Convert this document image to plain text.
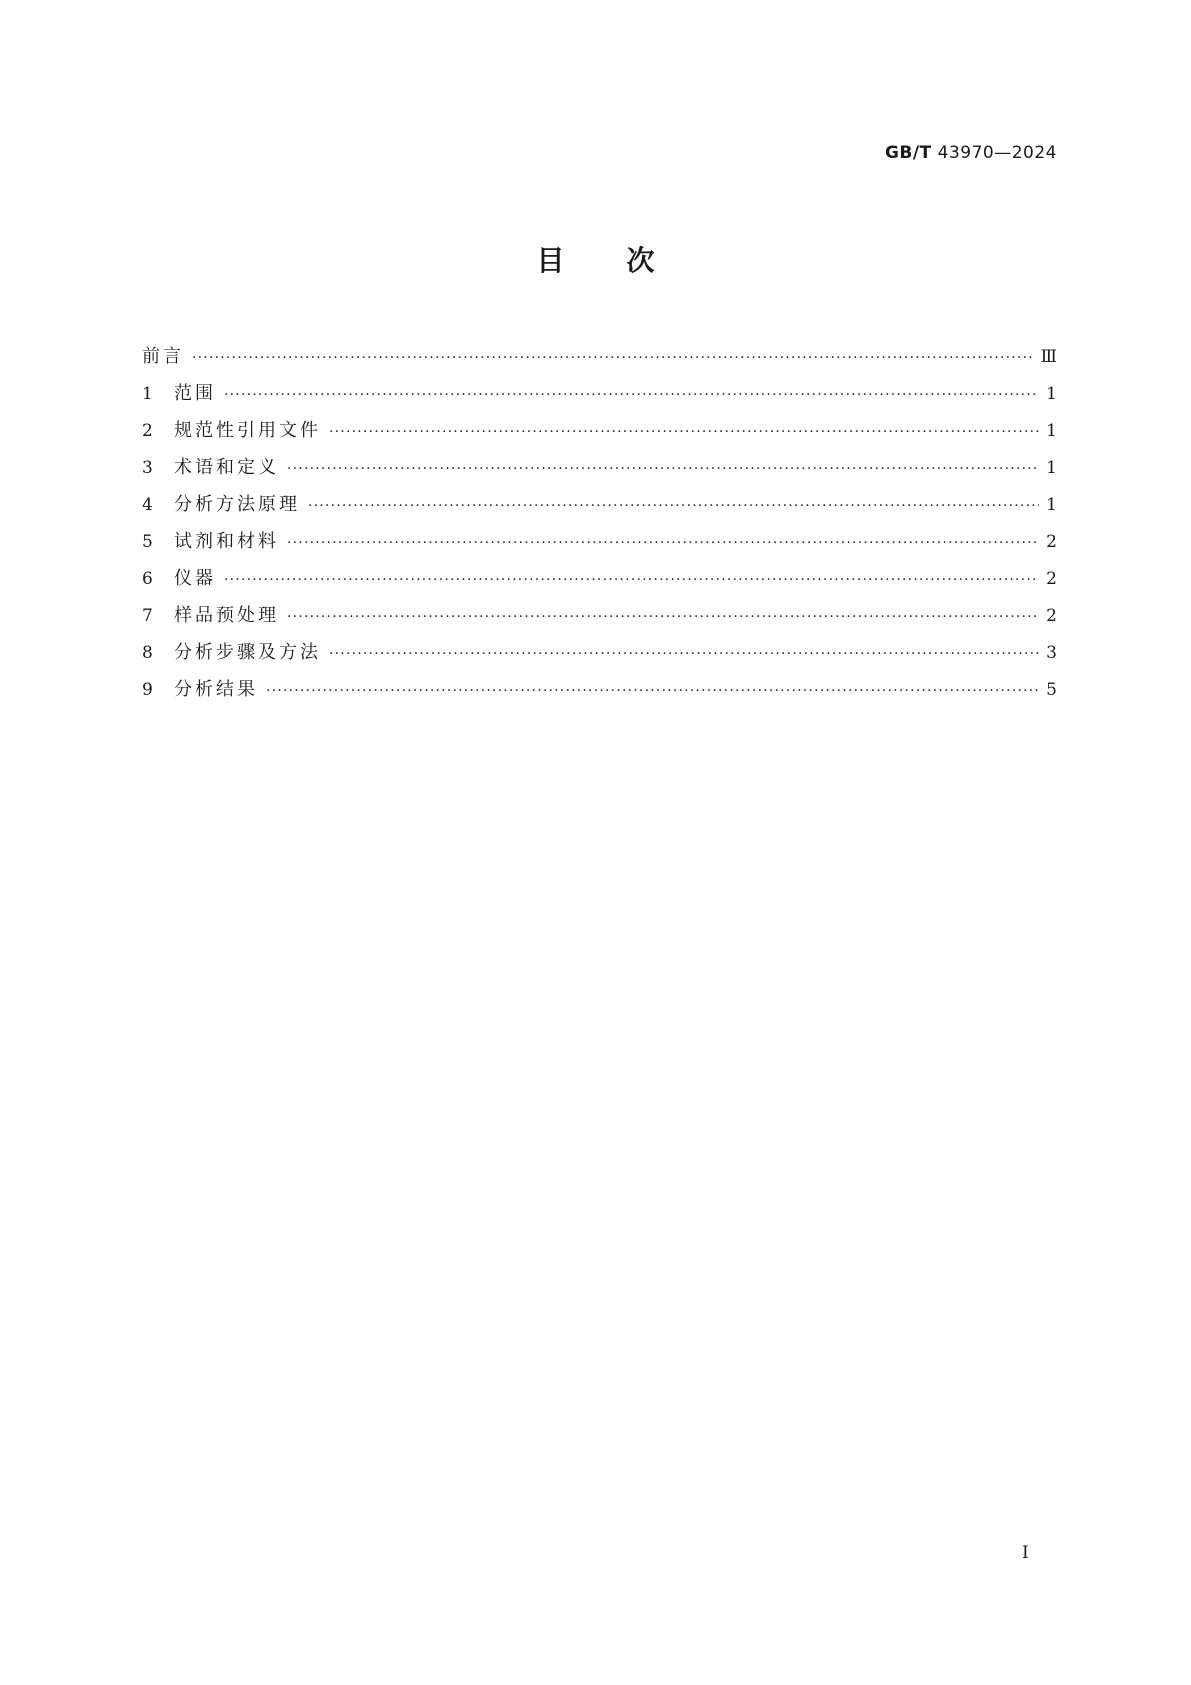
GB/T 43970—2024
目 次
前言 ·····	Ⅲ
1	范围 ·····	1
2	规范性引用文件 ·····	1
3	术语和定义 ·····	1
4	分析方法原理 ·····	1
5	试剂和材料 ·····	2
6	仪器 ·····	2
7	样品预处理 ·····	2
8	分析步骤及方法 ·····	3
9	分析结果 ·····	5
Ⅰ
